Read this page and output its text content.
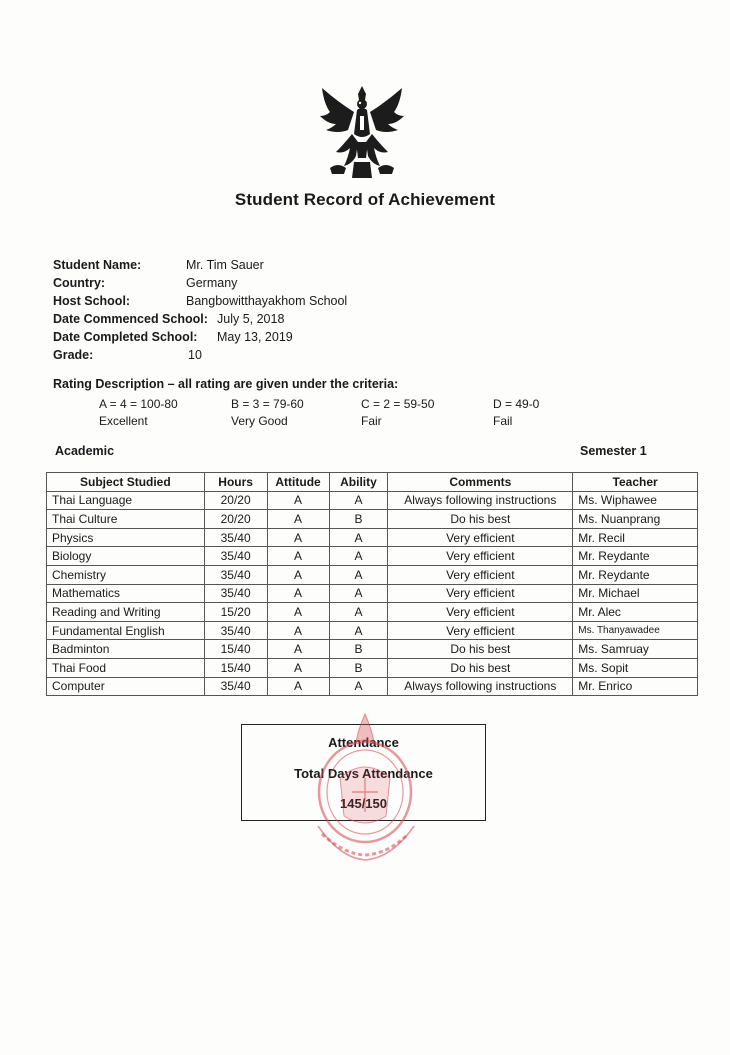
Student Record of Achievement
Student Name:	Mr. Tim Sauer
Country:	Germany
Host School:	Bangbowitthayakhom School
Date Commenced School: July 5, 2018
Date Completed School: May 13, 2019
Grade:	10
Rating Description – all rating are given under the criteria:
A = 4 = 100-80
Excellent
B = 3 = 79-60
Very Good
C = 2 = 59-50
Fair
D = 49-0
Fail
Academic	Semester 1
Subject Studied	Hours	Attitude	Ability	Comments	Teacher
Thai Language	20/20	A	A	Always following instructions	Ms. Wiphawee
Thai Culture	20/20	A	B	Do his best	Ms. Nuanprang
Physics	35/40	A	A	Very efficient	Mr. Recil
Biology	35/40	A	A	Very efficient	Mr. Reydante
Chemistry	35/40	A	A	Very efficient	Mr. Reydante
Mathematics	35/40	A	A	Very efficient	Mr. Michael
Reading and Writing	15/20	A	A	Very efficient	Mr. Alec
Fundamental English	35/40	A	A	Very efficient	Ms. Thanyawadee
Badminton	15/40	A	B	Do his best	Ms. Samruay
Thai Food	15/40	A	B	Do his best	Ms. Sopit
Computer	35/40	A	A	Always following instructions	Mr. Enrico
Attendance
Total Days Attendance
145/150
